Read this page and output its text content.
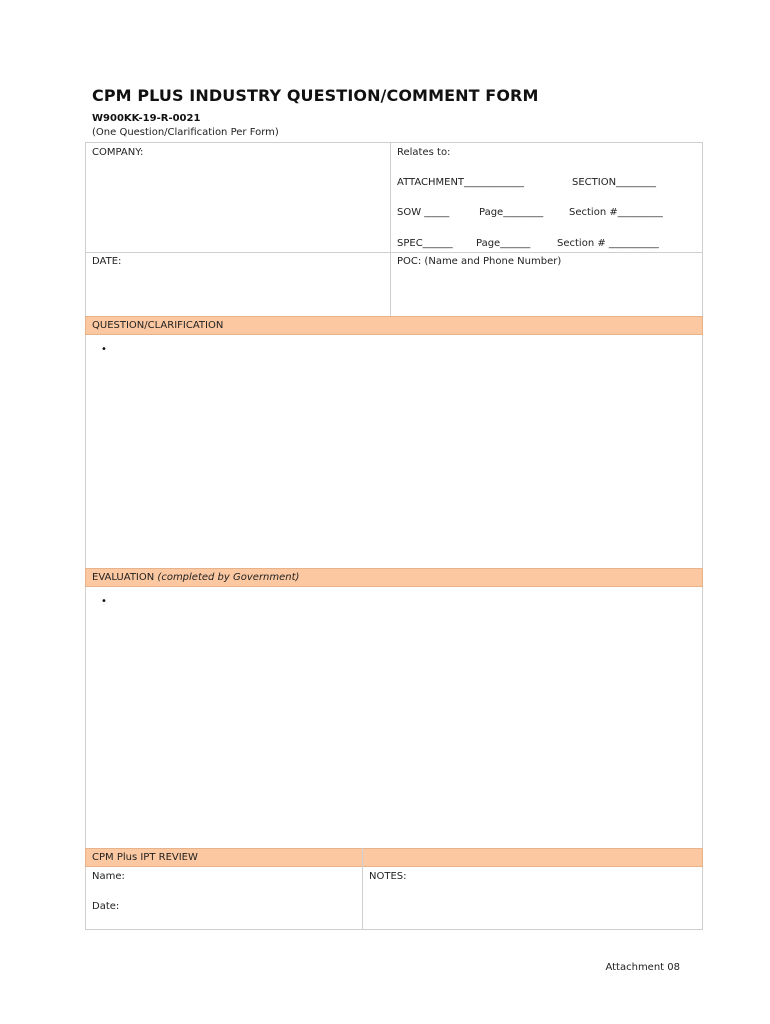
CPM PLUS INDUSTRY QUESTION/COMMENT FORM
W900KK-19-R-0021
(One Question/Clarification Per Form)
COMPANY:	Relates to:
ATTACHMENT____________	SECTION________
SOW _____	Page________	Section #_________
SPEC______ Page______	Section # __________
DATE:	POC: (Name and Phone Number)
QUESTION/CLARIFICATION
•
EVALUATION (completed by Government)
•
CPM Plus IPT REVIEW
Name:
Date:
NOTES:
Attachment 08
